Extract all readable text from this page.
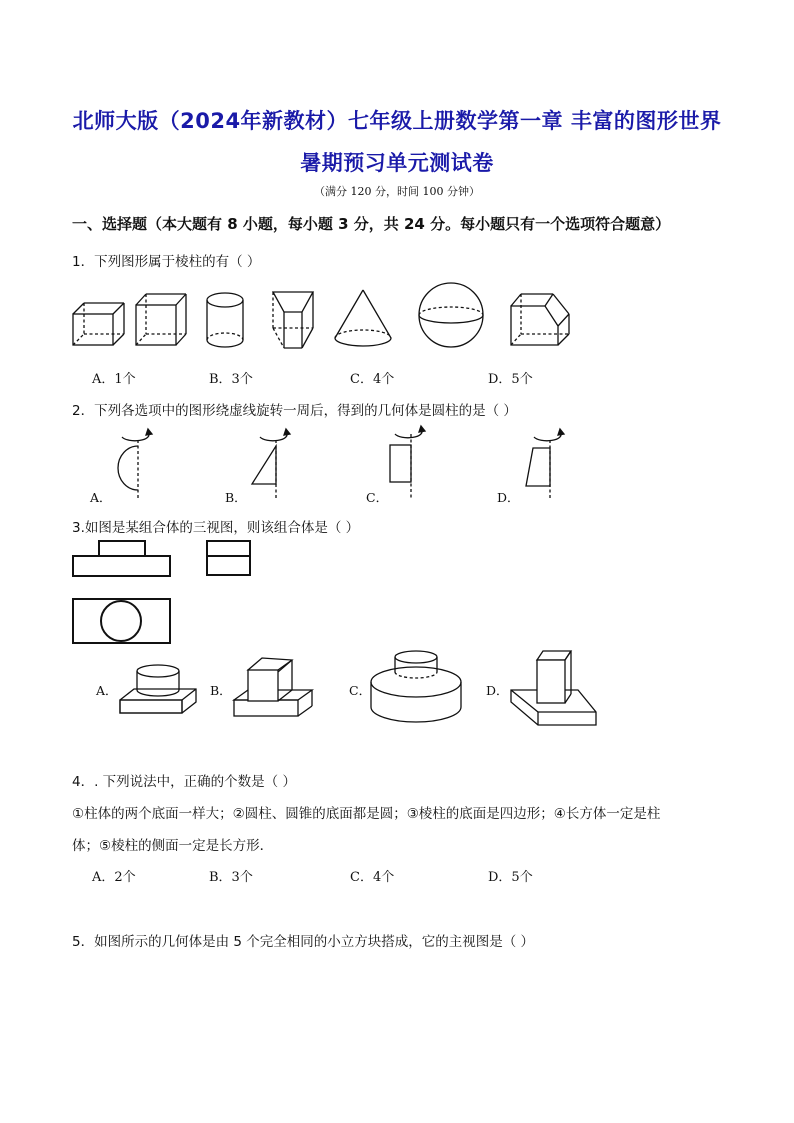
北师大版（2024年新教材）七年级上册数学第一章 丰富的图形世界
暑期预习单元测试卷
（满分 120 分，时间 100 分钟）
一、选择题（本大题有 8 小题，每小题 3 分，共 24 分。每小题只有一个选项符合题意）
1．下列图形属于棱柱的有（ ）
A．1个	B．3个	C．4个	D．5个
2．下列各选项中的图形绕虚线旋转一周后，得到的几何体是圆柱的是（ ）
A．	B．	C．	D．
3.如图是某组合体的三视图，则该组合体是（ ）
A．	B．	C．	D．
4．. 下列说法中，正确的个数是（ ）
①柱体的两个底面一样大；②圆柱、圆锥的底面都是圆；③棱柱的底面是四边形；④长方体一定是柱
体；⑤棱柱的侧面一定是长方形．
A．2个	B．3个	C．4个	D．5个
5．如图所示的几何体是由 5 个完全相同的小立方块搭成，它的主视图是（ ）
